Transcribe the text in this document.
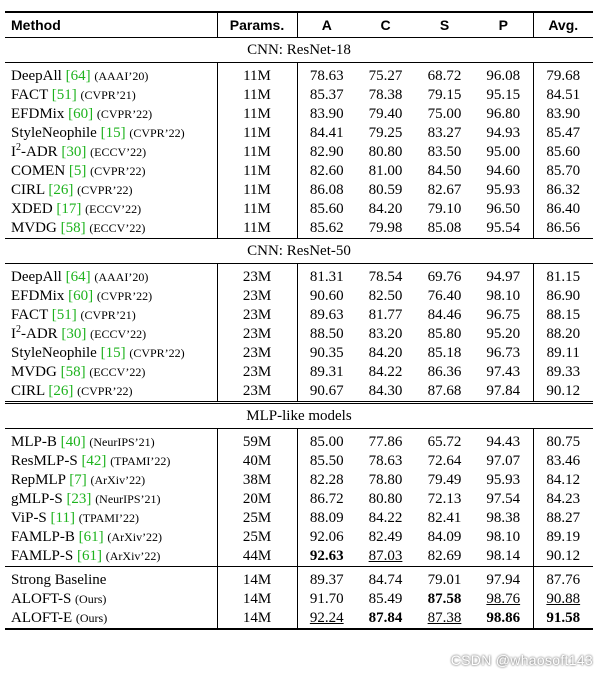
Method	Params.	A	C	S	P	Avg.
CNN: ResNet-18						
DeepAll [64] (AAAI’20)	11M	78.63	75.27	68.72	96.08	79.68
FACT [51] (CVPR’21)	11M	85.37	78.38	79.15	95.15	84.51
EFDMix [60] (CVPR’22)	11M	83.90	79.40	75.00	96.80	83.90
StyleNeophile [15] (CVPR’22)	11M	84.41	79.25	83.27	94.93	85.47
$I^2$-ADR [30] (ECCV’22)	11M	82.90	80.80	83.50	95.00	85.60
COMEN [5] (CVPR’22)	11M	82.60	81.00	84.50	94.60	85.70
CIRL [26] (CVPR’22)	11M	86.08	80.59	82.67	95.93	86.32
XDED [17] (ECCV’22)	11M	85.60	84.20	79.10	96.50	86.40
MVDG [58] (ECCV’22)	11M	85.62	79.98	85.08	95.54	86.56
CNN: ResNet-50						
DeepAll [64] (AAAI’20)	23M	81.31	78.54	69.76	94.97	81.15
EFDMix [60] (CVPR’22)	23M	90.60	82.50	76.40	98.10	86.90
FACT [51] (CVPR’21)	23M	89.63	81.77	84.46	96.75	88.15
$I^2$-ADR [30] (ECCV’22)	23M	88.50	83.20	85.80	95.20	88.20
StyleNeophile [15] (CVPR’22)	23M	90.35	84.20	85.18	96.73	89.11
MVDG [58] (ECCV’22)	23M	89.31	84.22	86.36	97.43	89.33
CIRL [26] (CVPR’22)	23M	90.67	84.30	87.68	97.84	90.12
MLP-like models						
MLP-B [40] (NeurIPS’21)	59M	85.00	77.86	65.72	94.43	80.75
ResMLP-S [42] (TPAMI’22)	40M	85.50	78.63	72.64	97.07	83.46
RepMLP [7] (ArXiv’22)	38M	82.28	78.80	79.49	95.93	84.12
gMLP-S [23] (NeurIPS’21)	20M	86.72	80.80	72.13	97.54	84.23
ViP-S [11] (TPAMI’22)	25M	88.09	84.22	82.41	98.38	88.27
FAMLP-B [61] (ArXiv’22)	25M	92.06	82.49	84.09	98.10	89.19
FAMLP-S [61] (ArXiv’22)	44M	92.63	87.03	82.69	98.14	90.12
Strong Baseline	14M	89.37	84.74	79.01	97.94	87.76
ALOFT-S (Ours)	14M	91.70	85.49	87.58	98.76	90.88
ALOFT-E (Ours)	14M	92.24	87.84	87.38	98.86	91.58
CSDN @whaosoft143
